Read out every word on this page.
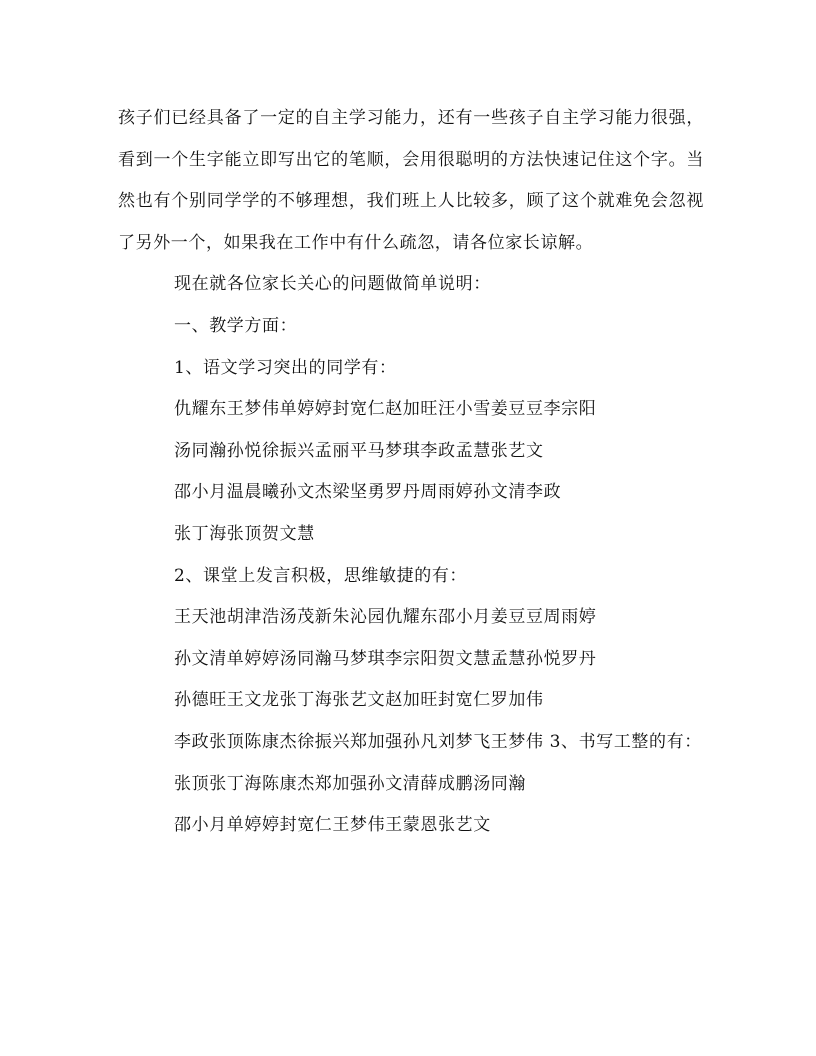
孩子们已经具备了一定的自主学习能力，还有一些孩子自主学习能力很强，看到一个生字能立即写出它的笔顺，会用很聪明的方法快速记住这个字。当然也有个别同学学的不够理想，我们班上人比较多，顾了这个就难免会忽视了另外一个，如果我在工作中有什么疏忽，请各位家长谅解。

现在就各位家长关心的问题做简单说明：

一、教学方面：

1、语文学习突出的同学有：

仇耀东王梦伟单婷婷封宽仁赵加旺汪小雪姜豆豆李宗阳

汤同瀚孙悦徐振兴孟丽平马梦琪李政孟慧张艺文

邵小月温晨曦孙文杰梁坚勇罗丹周雨婷孙文清李政

张丁海张顶贺文慧

2、课堂上发言积极，思维敏捷的有：

王天池胡津浩汤茂新朱沁园仇耀东邵小月姜豆豆周雨婷

孙文清单婷婷汤同瀚马梦琪李宗阳贺文慧孟慧孙悦罗丹

孙德旺王文龙张丁海张艺文赵加旺封宽仁罗加伟

李政张顶陈康杰徐振兴郑加强孙凡刘梦飞王梦伟 3、书写工整的有：

张顶张丁海陈康杰郑加强孙文清薛成鹏汤同瀚

邵小月单婷婷封宽仁王梦伟王蒙恩张艺文
